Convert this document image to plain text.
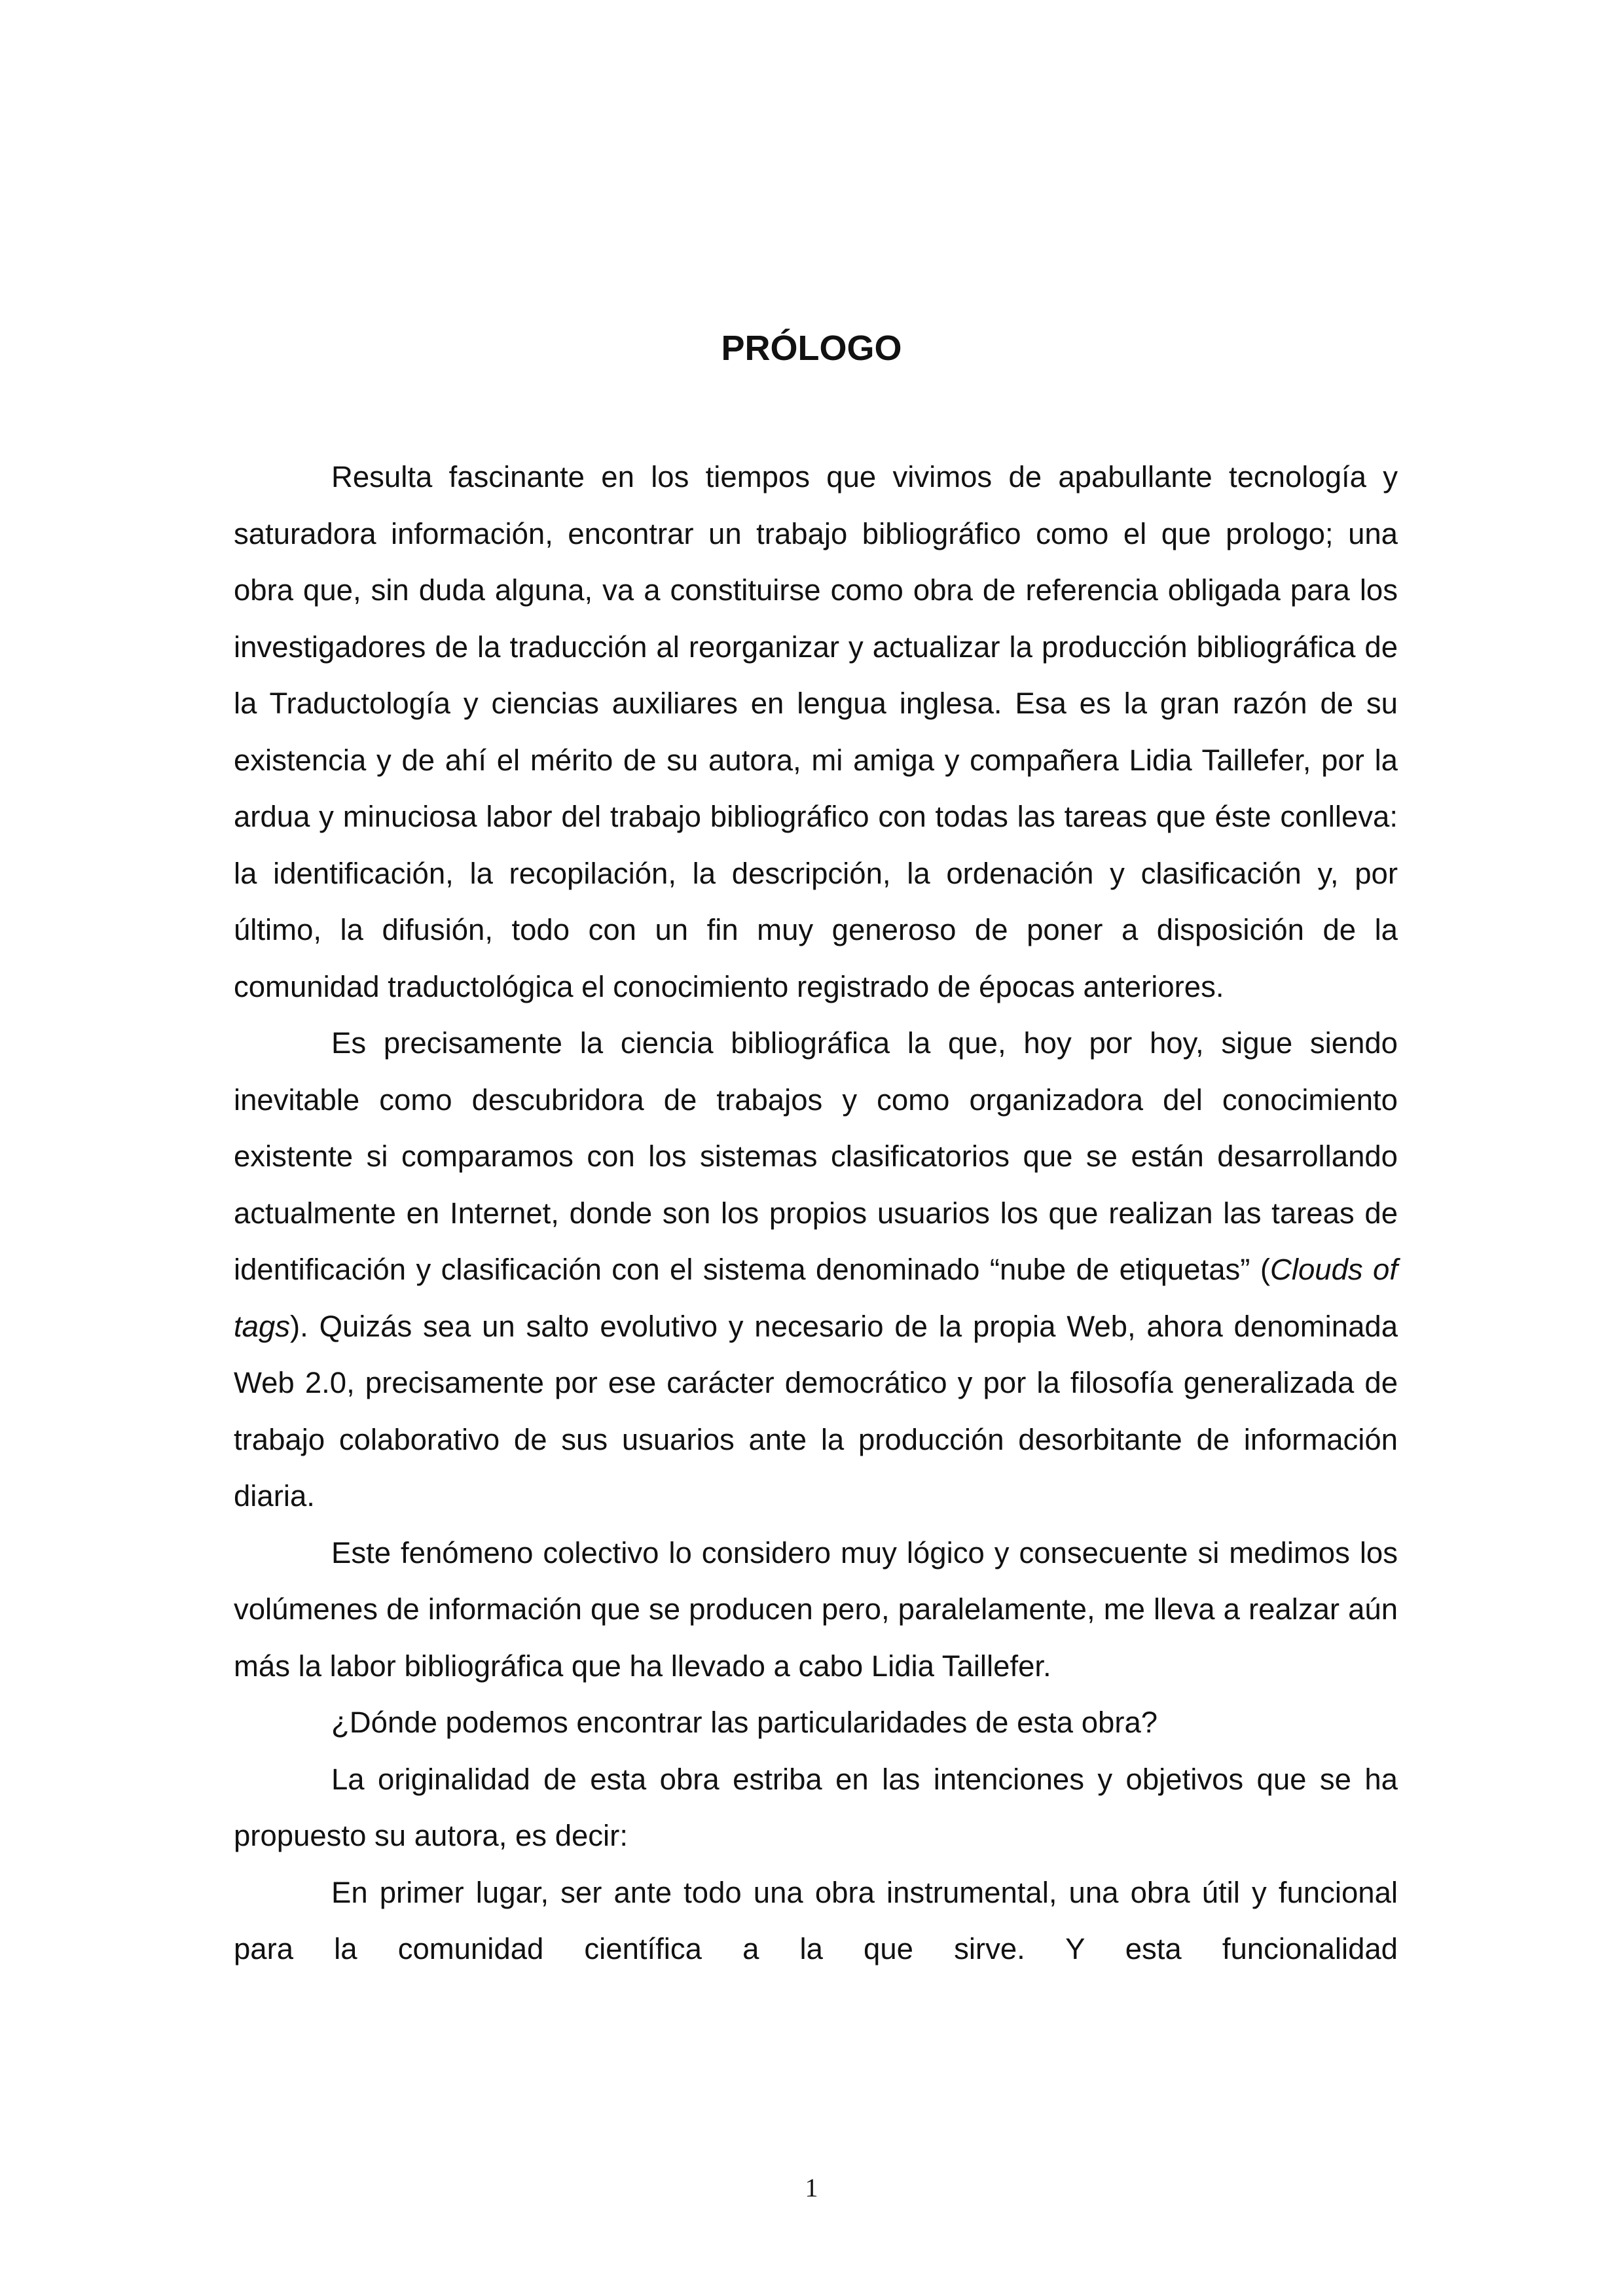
PRÓLOGO

Resulta fascinante en los tiempos que vivimos de apabullante tecnología y saturadora información, encontrar un trabajo bibliográfico como el que prologo; una obra que, sin duda alguna, va a constituirse como obra de referencia obligada para los investigadores de la traducción al reorganizar y actualizar la producción bibliográfica de la Traductología y ciencias auxiliares en lengua inglesa. Esa es la gran razón de su existencia y de ahí el mérito de su autora, mi amiga y compañera Lidia Taillefer, por la ardua y minuciosa labor del trabajo bibliográfico con todas las tareas que éste conlleva: la identificación, la recopilación, la descripción, la ordenación y clasificación y, por último, la difusión, todo con un fin muy generoso de poner a disposición de la comunidad traductológica el conocimiento registrado de épocas anteriores.

Es precisamente la ciencia bibliográfica la que, hoy por hoy, sigue siendo inevitable como descubridora de trabajos y como organizadora del conocimiento existente si comparamos con los sistemas clasificatorios que se están desarrollando actualmente en Internet, donde son los propios usuarios los que realizan las tareas de identificación y clasificación con el sistema denominado “nube de etiquetas” (Clouds of tags). Quizás sea un salto evolutivo y necesario de la propia Web, ahora denominada Web 2.0, precisamente por ese carácter democrático y por la filosofía generalizada de trabajo colaborativo de sus usuarios ante la producción desorbitante de información diaria.

Este fenómeno colectivo lo considero muy lógico y consecuente si medimos los volúmenes de información que se producen pero, paralelamente, me lleva a realzar aún más la labor bibliográfica que ha llevado a cabo Lidia Taillefer.

¿Dónde podemos encontrar las particularidades de esta obra?

La originalidad de esta obra estriba en las intenciones y objetivos que se ha propuesto su autora, es decir:

En primer lugar, ser ante todo una obra instrumental, una obra útil y funcional para la comunidad científica a la que sirve. Y esta funcionalidad

1
